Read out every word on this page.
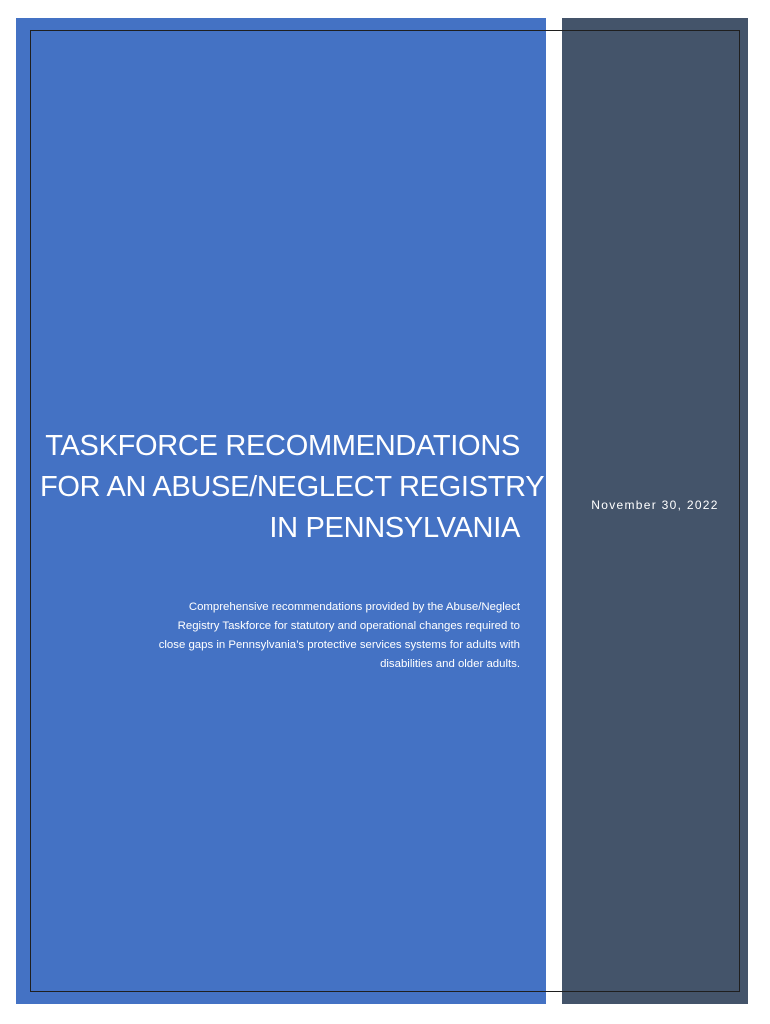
TASKFORCE RECOMMENDATIONS
FOR AN ABUSE/NEGLECT REGISTRY
IN PENNSYLVANIA
Comprehensive recommendations provided by the Abuse/Neglect
Registry Taskforce for statutory and operational changes required to
close gaps in Pennsylvania’s protective services systems for adults with
disabilities and older adults.
November 30, 2022
